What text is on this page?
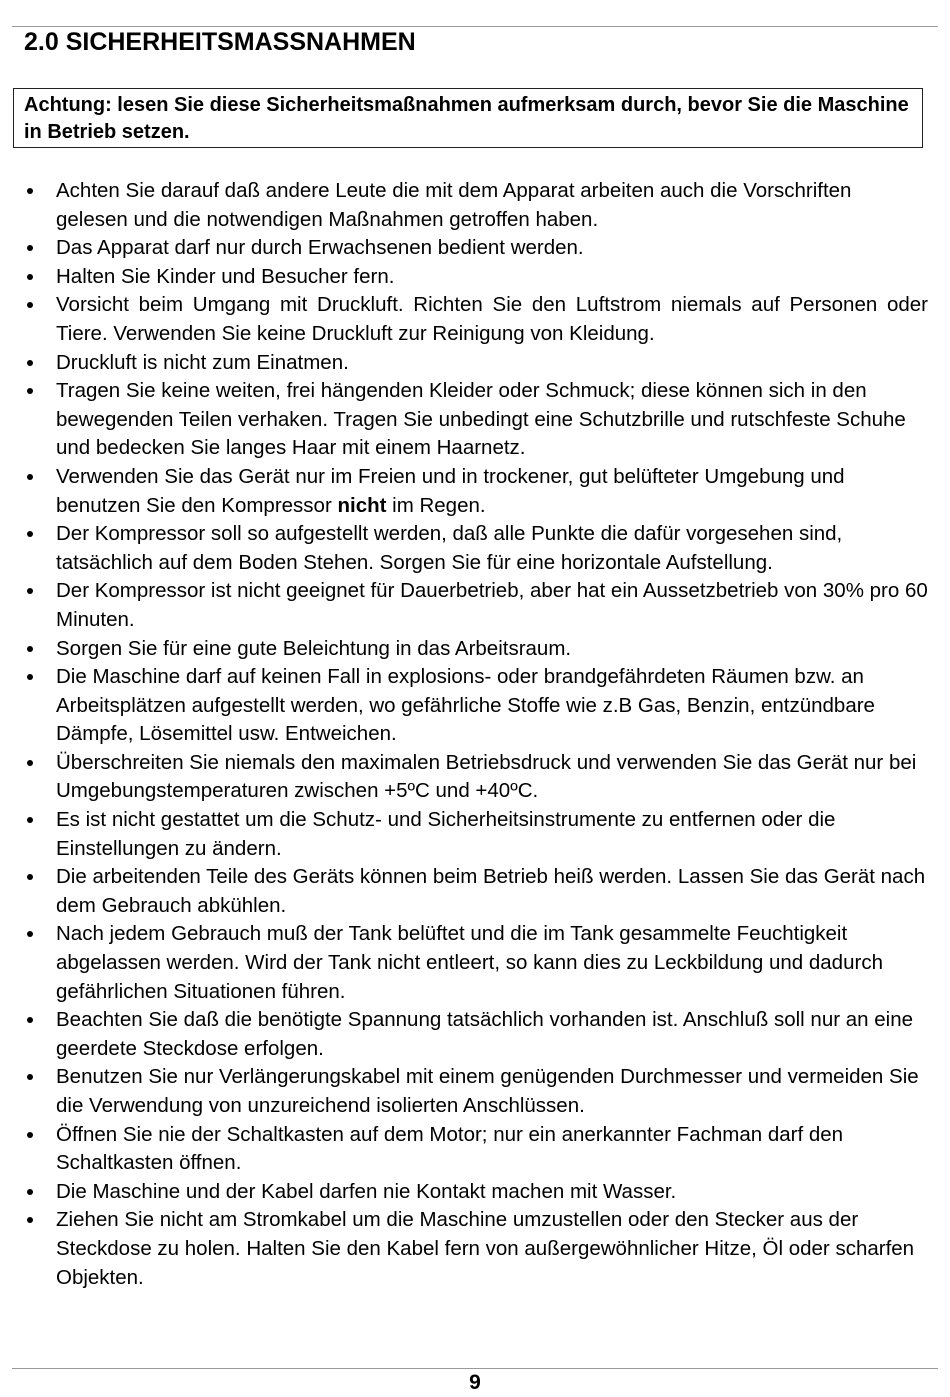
2.0 SICHERHEITSMASSNAHMEN
Achtung: lesen Sie diese Sicherheitsmaßnahmen aufmerksam durch, bevor Sie die Maschine in Betrieb setzen.
Achten Sie darauf daß andere Leute die mit dem Apparat arbeiten auch die Vorschriften gelesen und die notwendigen Maßnahmen getroffen haben.
Das Apparat darf nur durch Erwachsenen bedient werden.
Halten Sie Kinder und Besucher fern.
Vorsicht beim Umgang mit Druckluft. Richten Sie den Luftstrom niemals auf Personen oder Tiere. Verwenden Sie keine Druckluft zur Reinigung von Kleidung.
Druckluft is nicht zum Einatmen.
Tragen Sie keine weiten, frei hängenden Kleider oder Schmuck; diese können sich in den bewegenden Teilen verhaken. Tragen Sie unbedingt eine Schutzbrille und rutschfeste Schuhe und bedecken Sie langes Haar mit einem Haarnetz.
Verwenden Sie das Gerät nur im Freien und in trockener, gut belüfteter Umgebung und benutzen Sie den Kompressor nicht im Regen.
Der Kompressor soll so aufgestellt werden, daß alle Punkte die dafür vorgesehen sind, tatsächlich auf dem Boden Stehen. Sorgen Sie für eine horizontale Aufstellung.
Der Kompressor ist nicht geeignet für Dauerbetrieb, aber hat ein Aussetzbetrieb von 30% pro 60 Minuten.
Sorgen Sie für eine gute Beleichtung in das Arbeitsraum.
Die Maschine darf auf keinen Fall in explosions- oder brandgefährdeten Räumen bzw. an Arbeitsplätzen aufgestellt werden, wo gefährliche Stoffe wie z.B Gas, Benzin, entzündbare Dämpfe, Lösemittel usw. Entweichen.
Überschreiten Sie niemals den maximalen Betriebsdruck und verwenden Sie das Gerät nur bei Umgebungstemperaturen zwischen +5ºC und +40ºC.
Es ist nicht gestattet um die Schutz- und Sicherheitsinstrumente zu entfernen oder die Einstellungen zu ändern.
Die arbeitenden Teile des Geräts können beim Betrieb heiß werden. Lassen Sie das Gerät nach dem Gebrauch abkühlen.
Nach jedem Gebrauch muß der Tank belüftet und die im Tank gesammelte Feuchtigkeit abgelassen werden. Wird der Tank nicht entleert, so kann dies zu Leckbildung und dadurch gefährlichen Situationen führen.
Beachten Sie daß die benötigte Spannung tatsächlich vorhanden ist. Anschluß soll nur an eine geerdete Steckdose erfolgen.
Benutzen Sie nur Verlängerungskabel mit einem genügenden Durchmesser und vermeiden Sie die Verwendung von unzureichend isolierten Anschlüssen.
Öffnen Sie nie der Schaltkasten auf dem Motor; nur ein anerkannter Fachman darf den Schaltkasten öffnen.
Die Maschine und der Kabel darfen nie Kontakt machen mit Wasser.
Ziehen Sie nicht am Stromkabel um die Maschine umzustellen oder den Stecker aus der Steckdose zu holen. Halten Sie den Kabel fern von außergewöhnlicher Hitze, Öl oder scharfen Objekten.
9
